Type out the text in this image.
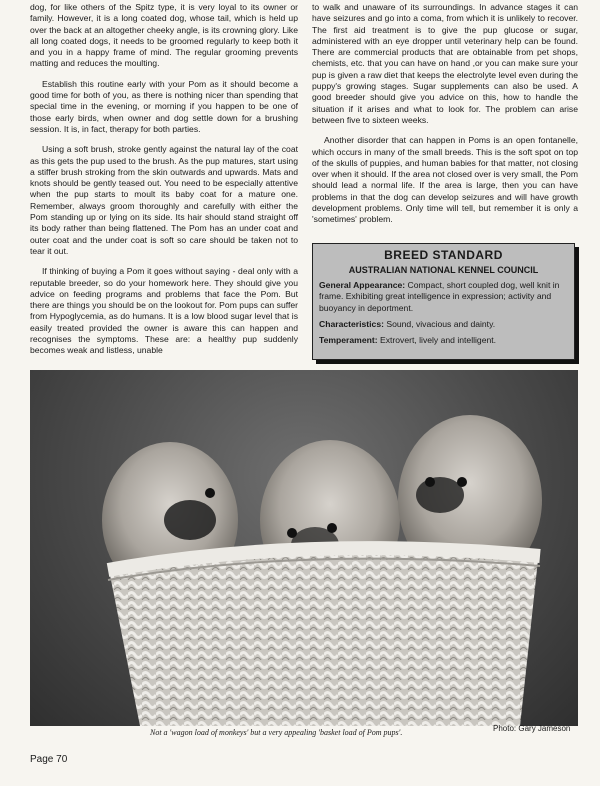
dog, for like others of the Spitz type, it is very loyal to its owner or family. However, it is a long coated dog, whose tail, which is held up over the back at an altogether cheeky angle, is its crowning glory. Like all long coated dogs, it needs to be groomed regularly to keep both it and you in a happy frame of mind. The regular grooming prevents matting and reduces the moulting.

Establish this routine early with your Pom as it should become a good time for both of you, as there is nothing nicer than spending that special time in the evening, or morning if you happen to be one of those early birds, when owner and dog settle down for a brushing session. It is, in fact, therapy for both parties.

Using a soft brush, stroke gently against the natural lay of the coat as this gets the pup used to the brush. As the pup matures, start using a stiffer brush stroking from the skin outwards and upwards. Mats and knots should be gently teased out. You need to be especially attentive when the pup starts to moult its baby coat for a mature one. Remember, always groom thoroughly and carefully with either the Pom standing up or lying on its side. Its hair should stand straight off its body rather than being flattened. The Pom has an under coat and outer coat and the under coat is soft so care should be taken not to tear it out.

If thinking of buying a Pom it goes without saying - deal only with a reputable breeder, so do your homework here. They should give you advice on feeding programs and problems that face the Pom. But there are things you should be on the lookout for. Pom pups can suffer from Hypoglycemia, as do humans. It is a low blood sugar level that is easily treated provided the owner is aware this can happen and recognises the symptoms. These are: a healthy pup suddenly becomes weak and listless, unable

to walk and unaware of its surroundings. In advance stages it can have seizures and go into a coma, from which it is unlikely to recover. The first aid treatment is to give the pup glucose or sugar, administered with an eye dropper until veterinary help can be found. There are commercial products that are obtainable from pet shops, chemists, etc. that you can have on hand ,or you can make sure your pup is given a raw diet that keeps the electrolyte level even during the puppy's growing stages. Sugar supplements can also be used. A good breeder should give you advice on this, how to handle the situation if it arises and what to look for. The problem can arise between five to sixteen weeks.

Another disorder that can happen in Poms is an open fontanelle, which occurs in many of the small breeds. This is the soft spot on top of the skulls of puppies, and human babies for that matter, not closing over when it should. If the area not closed over is very small, the Pom should lead a normal life. If the area is large, then you can have problems in that the dog can develop seizures and will have growth development problems. Only time will tell, but remember it is only a 'sometimes' problem.

BREED STANDARD
AUSTRALIAN NATIONAL KENNEL COUNCIL

General Appearance: Compact, short coupled dog, well knit in frame. Exhibiting great intelligence in expression; activity and buoyancy in deportment.

Characteristics: Sound, vivacious and dainty.

Temperament: Extrovert, lively and intelligent.

Not a 'wagon load of monkeys' but a very appealing 'basket load of Pom pups'.	Photo: Gary Jameson
Page 70
